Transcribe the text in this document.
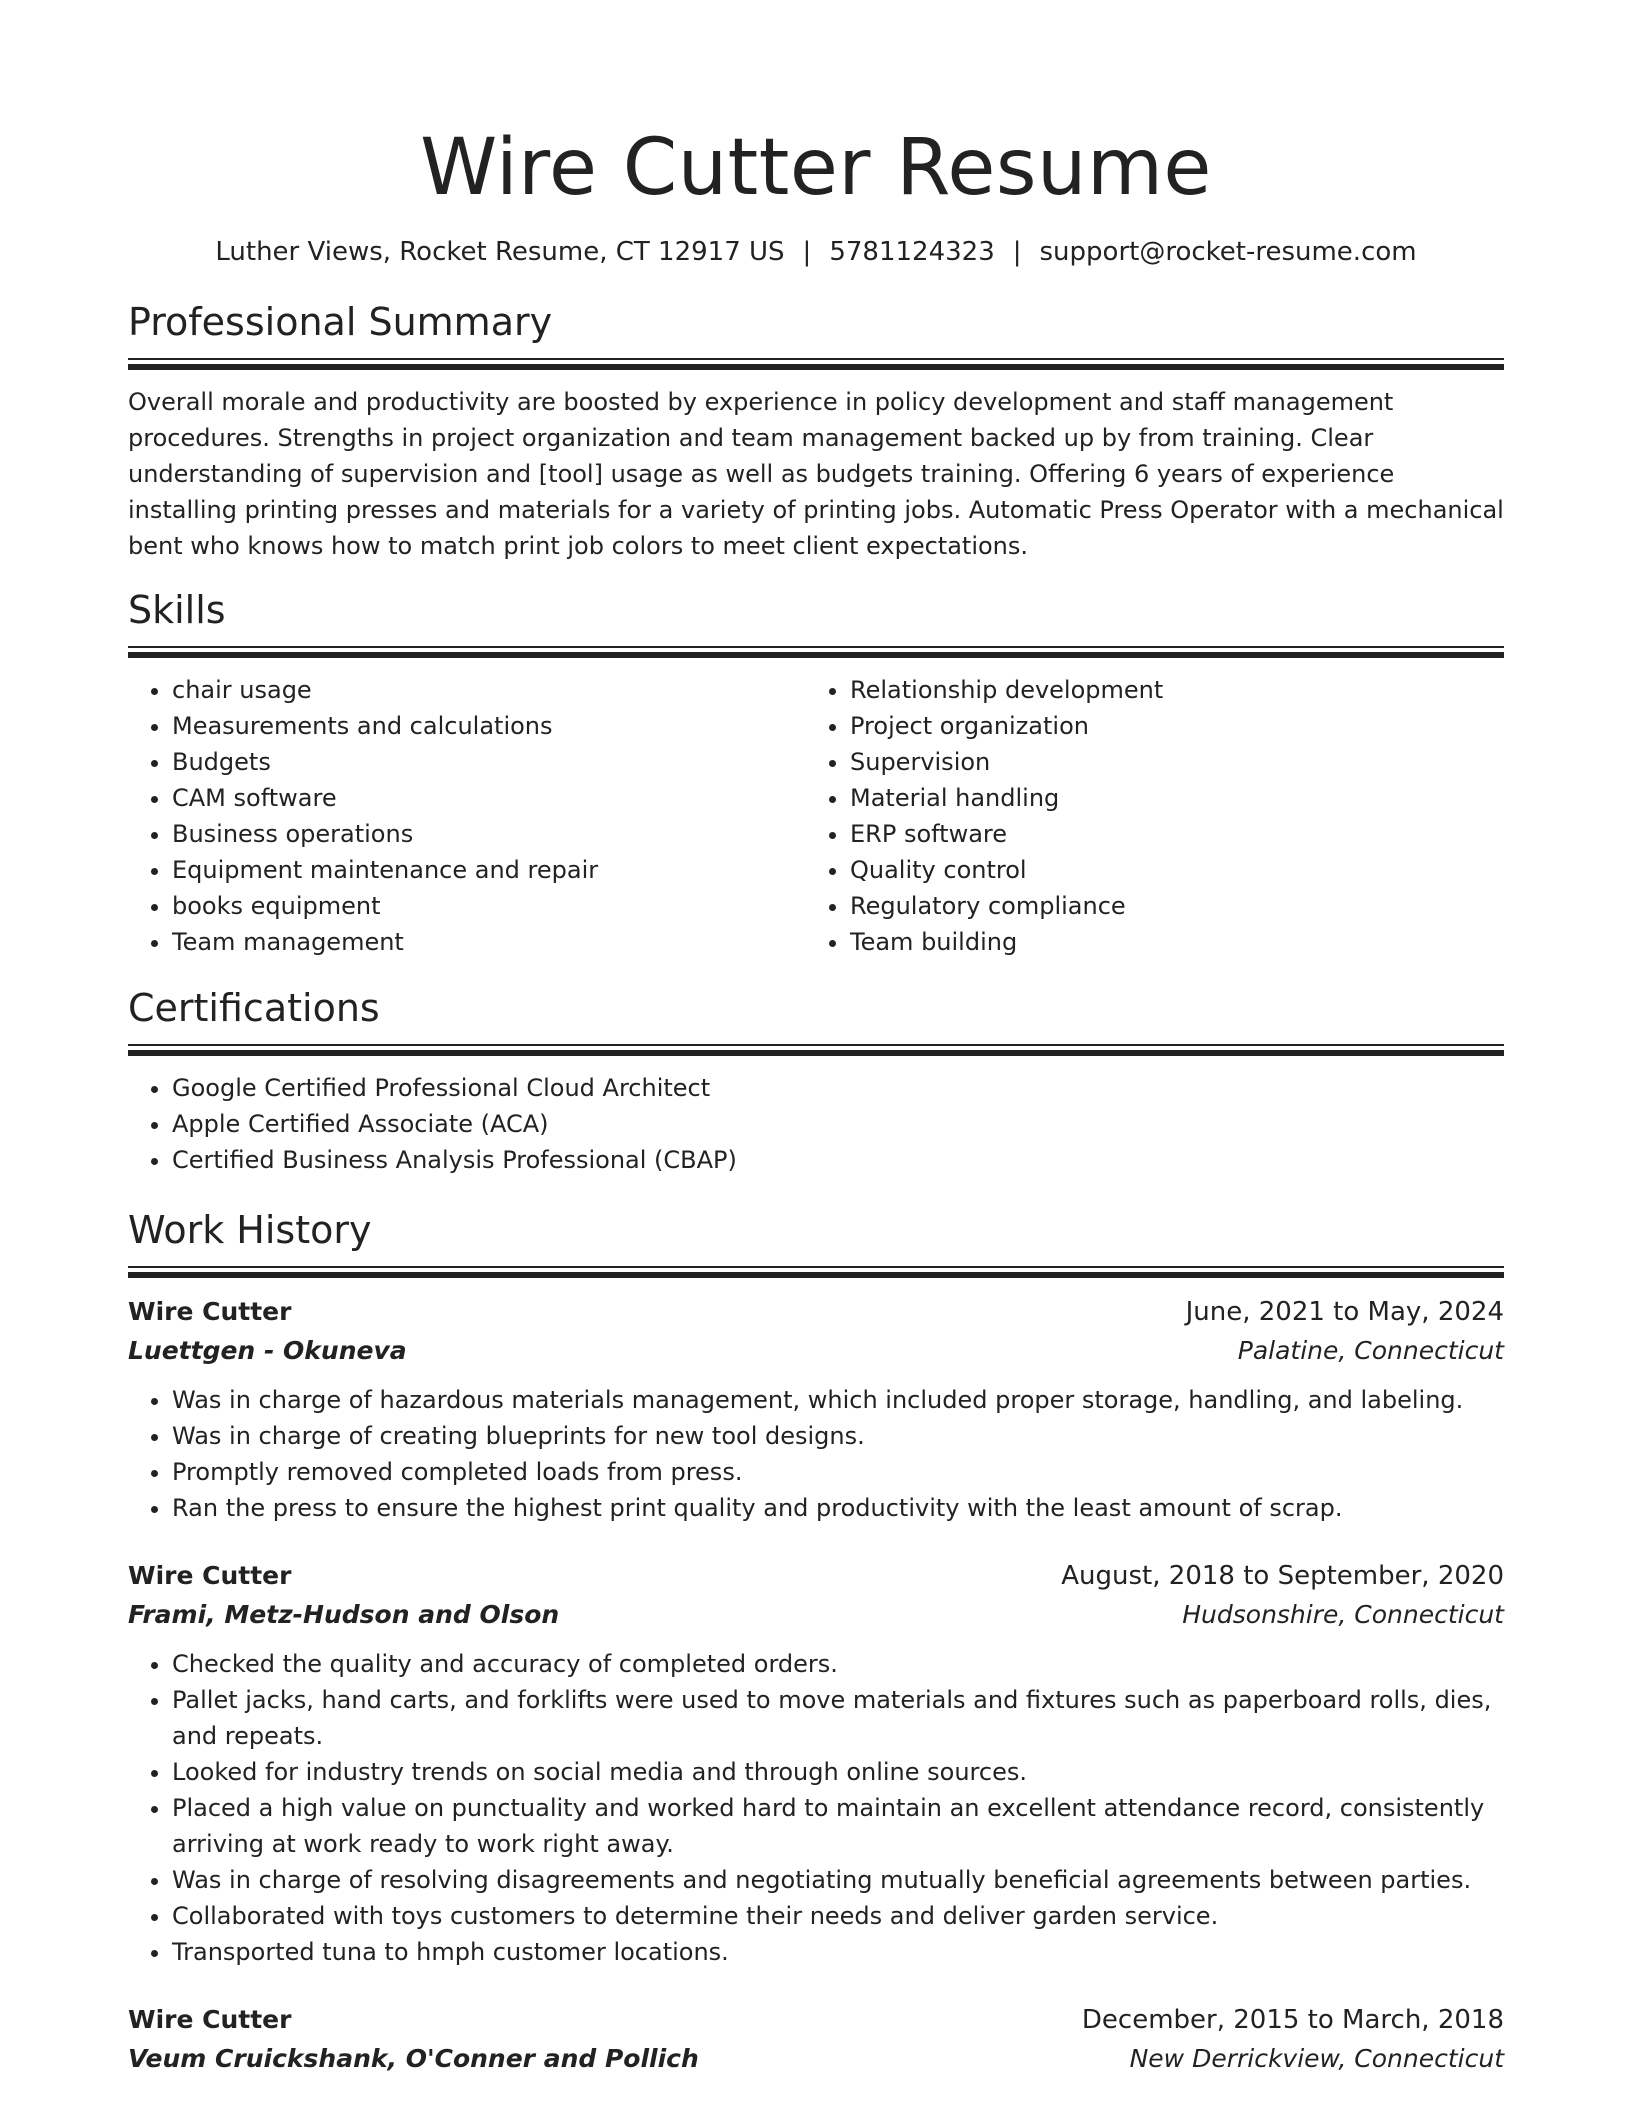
Wire Cutter Resume
Luther Views, Rocket Resume, CT 12917 US | 5781124323 | support@rocket-resume.com
Professional Summary

Overall morale and productivity are boosted by experience in policy development and staff management procedures. Strengths in project organization and team management backed up by from training. Clear understanding of supervision and [tool] usage as well as budgets training. Offering 6 years of experience installing printing presses and materials for a variety of printing jobs. Automatic Press Operator with a mechanical bent who knows how to match print job colors to meet client expectations.

Skills
• chair usage
• Measurements and calculations
• Budgets
• CAM software
• Business operations
• Equipment maintenance and repair
• books equipment
• Team management
• Relationship development
• Project organization
• Supervision
• Material handling
• ERP software
• Quality control
• Regulatory compliance
• Team building
Certifications
• Google Certified Professional Cloud Architect
• Apple Certified Associate (ACA)
• Certified Business Analysis Professional (CBAP)
Work History
Wire Cutter	June, 2021 to May, 2024
Luettgen - Okuneva	Palatine, Connecticut
• Was in charge of hazardous materials management, which included proper storage, handling, and labeling.
• Was in charge of creating blueprints for new tool designs.
• Promptly removed completed loads from press.
• Ran the press to ensure the highest print quality and productivity with the least amount of scrap.
Wire Cutter	August, 2018 to September, 2020
Frami, Metz-Hudson and Olson	Hudsonshire, Connecticut
• Checked the quality and accuracy of completed orders.
• Pallet jacks, hand carts, and forklifts were used to move materials and fixtures such as paperboard rolls, dies, and repeats.
• Looked for industry trends on social media and through online sources.
• Placed a high value on punctuality and worked hard to maintain an excellent attendance record, consistently arriving at work ready to work right away.
• Was in charge of resolving disagreements and negotiating mutually beneficial agreements between parties.
• Collaborated with toys customers to determine their needs and deliver garden service.
• Transported tuna to hmph customer locations.
Wire Cutter	December, 2015 to March, 2018
Veum Cruickshank, O'Conner and Pollich	New Derrickview, Connecticut
